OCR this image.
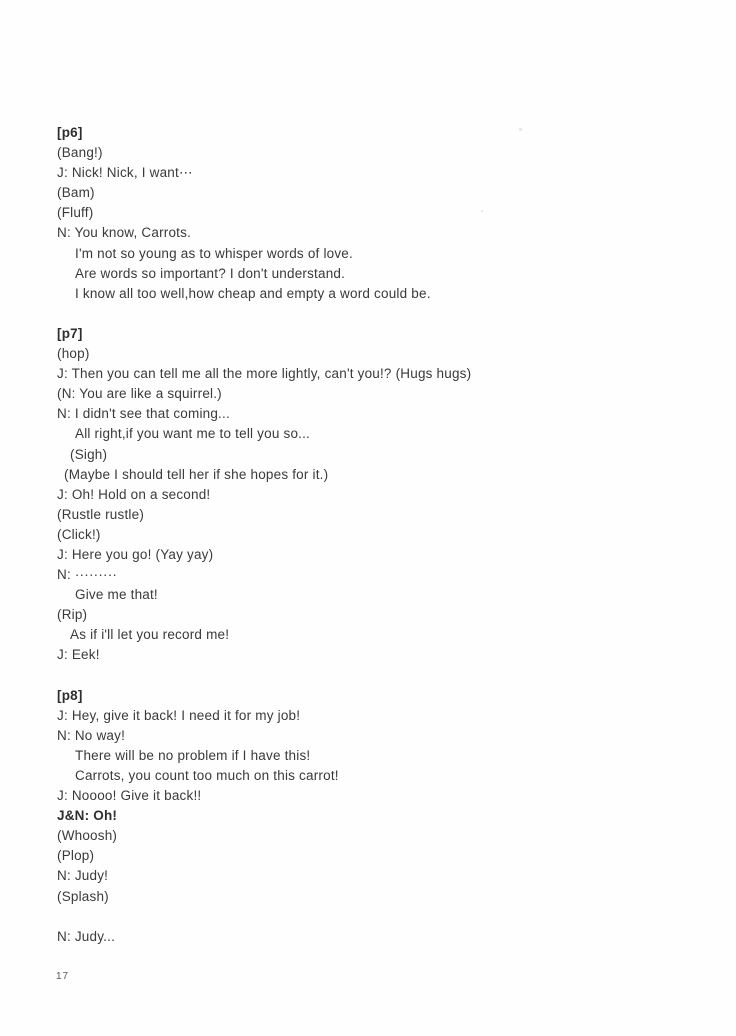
[p6]
(Bang!)
J: Nick! Nick, I want⋯
(Bam)
(Fluff)
N: You know, Carrots.
I'm not so young as to whisper words of love.
Are words so important? I don't understand.
I know all too well,how cheap and empty a word could be.
[p7]
(hop)
J: Then you can tell me all the more lightly, can't you!? (Hugs hugs)
(N: You are like a squirrel.)
N: I didn't see that coming...
All right,if you want me to tell you so...
(Sigh)
(Maybe I should tell her if she hopes for it.)
J: Oh! Hold on a second!
(Rustle rustle)
(Click!)
J: Here you go! (Yay yay)
N: ·········
Give me that!
(Rip)
As if i'll let you record me!
J: Eek!
[p8]
J: Hey, give it back! I need it for my job!
N: No way!
There will be no problem if I have this!
Carrots, you count too much on this carrot!
J: Noooo! Give it back!!
J&N: Oh!
(Whoosh)
(Plop)
N: Judy!
(Splash)

N: Judy...
17
